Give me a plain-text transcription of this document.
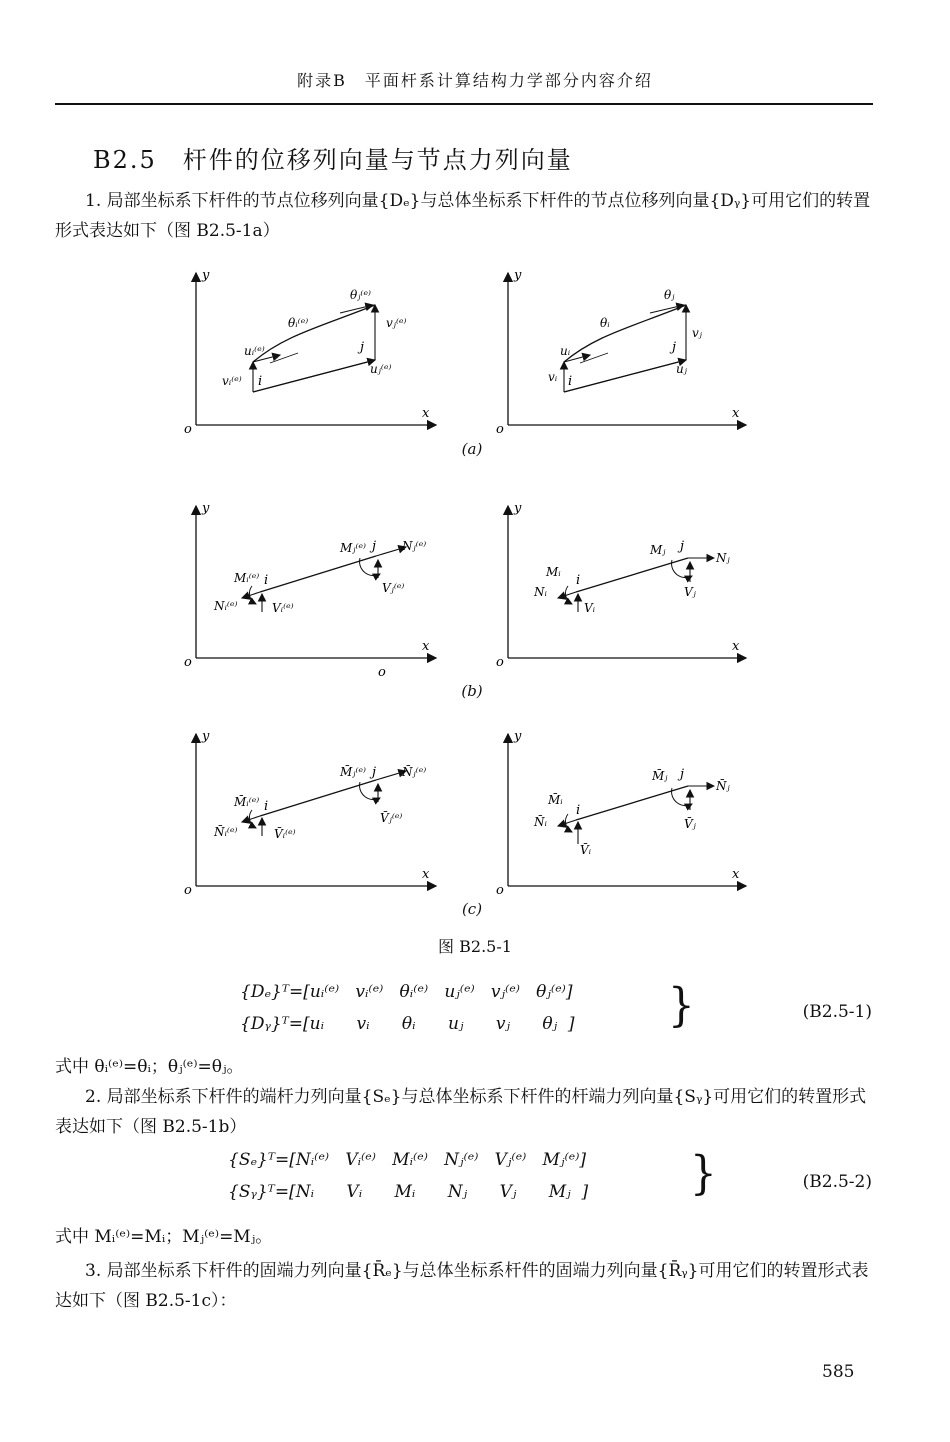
附录B　平面杆系计算结构力学部分内容介绍
B2.5　杆件的位移列向量与节点力列向量
1. 局部坐标系下杆件的节点位移列向量{Dₑ}与总体坐标系下杆件的节点位移列向量{Dᵧ}可用它们的转置形式表达如下（图 B2.5-1a）
y
x
o
θⱼ⁽ᵉ⁾
θᵢ⁽ᵉ⁾	vⱼ⁽ᵉ⁾
uᵢ⁽ᵉ⁾	j
uⱼ⁽ᵉ⁾
vᵢ⁽ᵉ⁾ i
y
x
o
θⱼ
θᵢ
vⱼ
uᵢ	j
uⱼ
vᵢ i
(a)
y
x
o
o
Mⱼ⁽ᵉ⁾ j Nⱼ⁽ᵉ⁾
Mᵢ⁽ᵉ⁾ i
Nᵢ⁽ᵉ⁾	Vᵢ⁽ᵉ⁾
Vⱼ⁽ᵉ⁾
y
x
o
Mⱼ j
Nⱼ
Mᵢ
i
Nᵢ
Vᵢ
Vⱼ
(b)
y
x
o
M̄ⱼ⁽ᵉ⁾ j N̄ⱼ⁽ᵉ⁾
M̄ᵢ⁽ᵉ⁾ i
N̄ᵢ⁽ᵉ⁾	V̄ᵢ⁽ᵉ⁾
V̄ⱼ⁽ᵉ⁾
y
x
o
M̄ⱼ j
N̄ⱼ
M̄ᵢ
i
N̄ᵢ
V̄ᵢ
V̄ⱼ
(c)
图 B2.5-1
{Dₑ}ᵀ=[uᵢ⁽ᵉ⁾   vᵢ⁽ᵉ⁾   θᵢ⁽ᵉ⁾   uⱼ⁽ᵉ⁾   vⱼ⁽ᵉ⁾   θⱼ⁽ᵉ⁾]
{Dᵧ}ᵀ=[uᵢ      vᵢ      θᵢ      uⱼ      vⱼ      θⱼ  ] }	(B2.5-1)
式中 θᵢ⁽ᵉ⁾=θᵢ；θⱼ⁽ᵉ⁾=θⱼ。
2. 局部坐标系下杆件的端杆力列向量{Sₑ}与总体坐标系下杆件的杆端力列向量{Sᵧ}可用它们的转置形式表达如下（图 B2.5-1b）
{Sₑ}ᵀ=[Nᵢ⁽ᵉ⁾   Vᵢ⁽ᵉ⁾   Mᵢ⁽ᵉ⁾   Nⱼ⁽ᵉ⁾   Vⱼ⁽ᵉ⁾   Mⱼ⁽ᵉ⁾]
{Sᵧ}ᵀ=[Nᵢ      Vᵢ      Mᵢ      Nⱼ      Vⱼ      Mⱼ  ] }	(B2.5-2)
式中 Mᵢ⁽ᵉ⁾=Mᵢ；Mⱼ⁽ᵉ⁾=Mⱼ。
3. 局部坐标系下杆件的固端力列向量{R̄ₑ}与总体坐标系杆件的固端力列向量{R̄ᵧ}可用它们的转置形式表达如下（图 B2.5-1c）：
585
